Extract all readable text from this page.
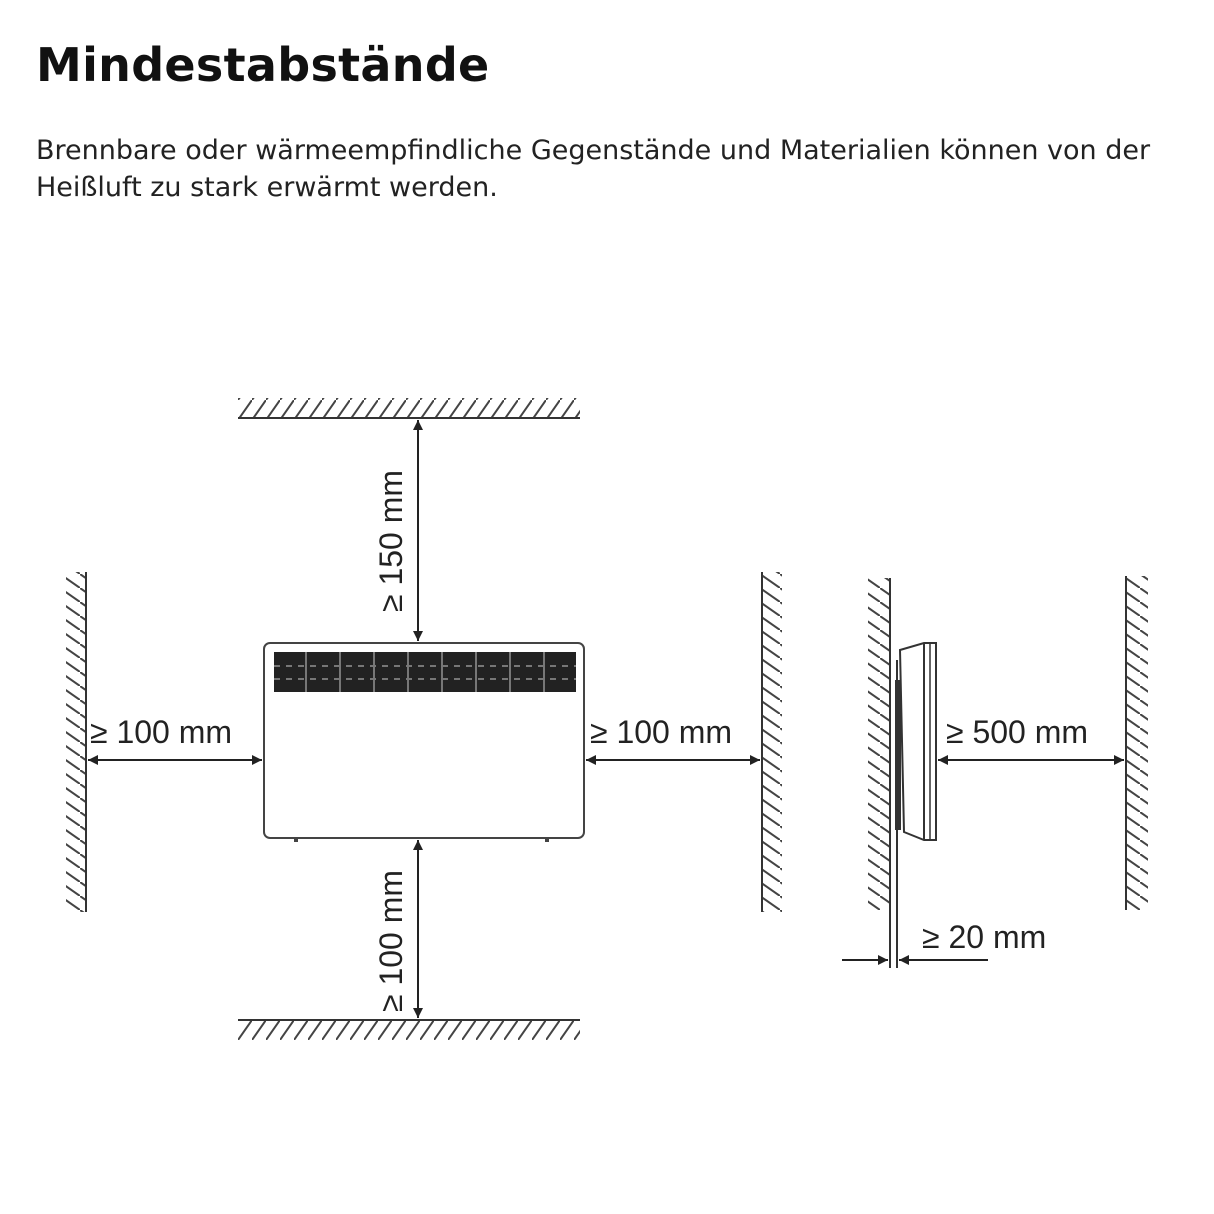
Mindestabstände

Brennbare oder wärmeempfindliche Gegenstände und Materialien können von der Heißluft zu stark erwärmt werden.

≥ 150 mm
≥ 100 mm
≥ 100 mm	≥ 100 mm	≥ 500 mm
≥ 20 mm
